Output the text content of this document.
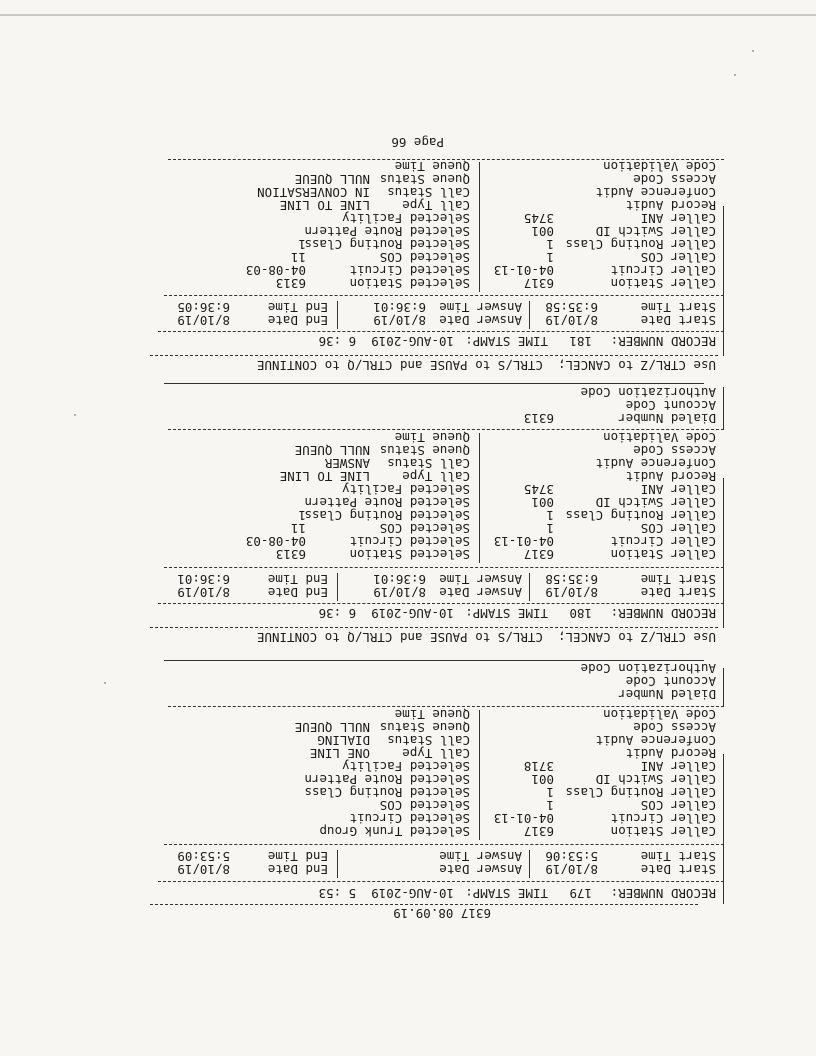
6317 08.09.19
RECORD NUMBER:
179
TIME STAMP:
10-AUG-2019  5 :53
Start Date
8/10/19
Start Time
5:53:06
Answer Date
Answer Time
End Date
End Time
8/10/19
5:53:09
Caller Station
6317
Caller Circuit
04-01-13
Caller COS
1
Caller Routing Class
1
Caller Switch ID
001
Caller ANI
3718
Record Audit
Conference Audit
Access Code
Code Validation
Selected Trunk Group
Selected Circuit
Selected COS
Selected Routing Class
Selected Route Pattern
Selected Facility
Call Type
ONE LINE
Call Status
DIALING
Queue Status
NULL QUEUE
Queue Time
Dialed Number
Account Code
Authorization Code
Use CTRL/Z to CANCEL;  CTRL/S to PAUSE and CTRL/Q to CONTINUE
RECORD NUMBER:
180
TIME STAMP:
10-AUG-2019  6 :36
Start Date
8/10/19
Start Time
6:35:58
Answer Date
8/10/19
Answer Time
6:36:01
End Date
8/10/19
End Time
6:36:01
Caller Station
6317
Caller Circuit
04-01-13
Caller COS
1
Caller Routing Class
1
Caller Switch ID
001
Caller ANI
3745
Record Audit
Conference Audit
Access Code
Code Validation
Selected Station
6313
Selected Circuit
04-08-03
Selected COS
11
Selected Routing Class
1
Selected Route Pattern
Selected Facility
Call Type
LINE TO LINE
Call Status
ANSWER
Queue Status
NULL QUEUE
Queue Time
Dialed Number
6313
Account Code
Authorization Code
Use CTRL/Z to CANCEL;  CTRL/S to PAUSE and CTRL/Q to CONTINUE
RECORD NUMBER:
181
TIME STAMP:
10-AUG-2019  6 :36
Start Date
8/10/19
Start Time
6:35:58
Answer Date
8/10/19
Answer Time
6:36:01
End Date
8/10/19
End Time
6:36:05
Caller Station
6317
Caller Circuit
04-01-13
Caller COS
1
Caller Routing Class
1
Caller Switch ID
001
Caller ANI
3745
Record Audit
Conference Audit
Access Code
Code Validation
Selected Station
6313
Selected Circuit
04-08-03
Selected COS
11
Selected Routing Class
1
Selected Route Pattern
Selected Facility
Call Type
LINE TO LINE
Call Status
IN CONVERSATION
Queue Status
NULL QUEUE
Queue Time
Page 66
